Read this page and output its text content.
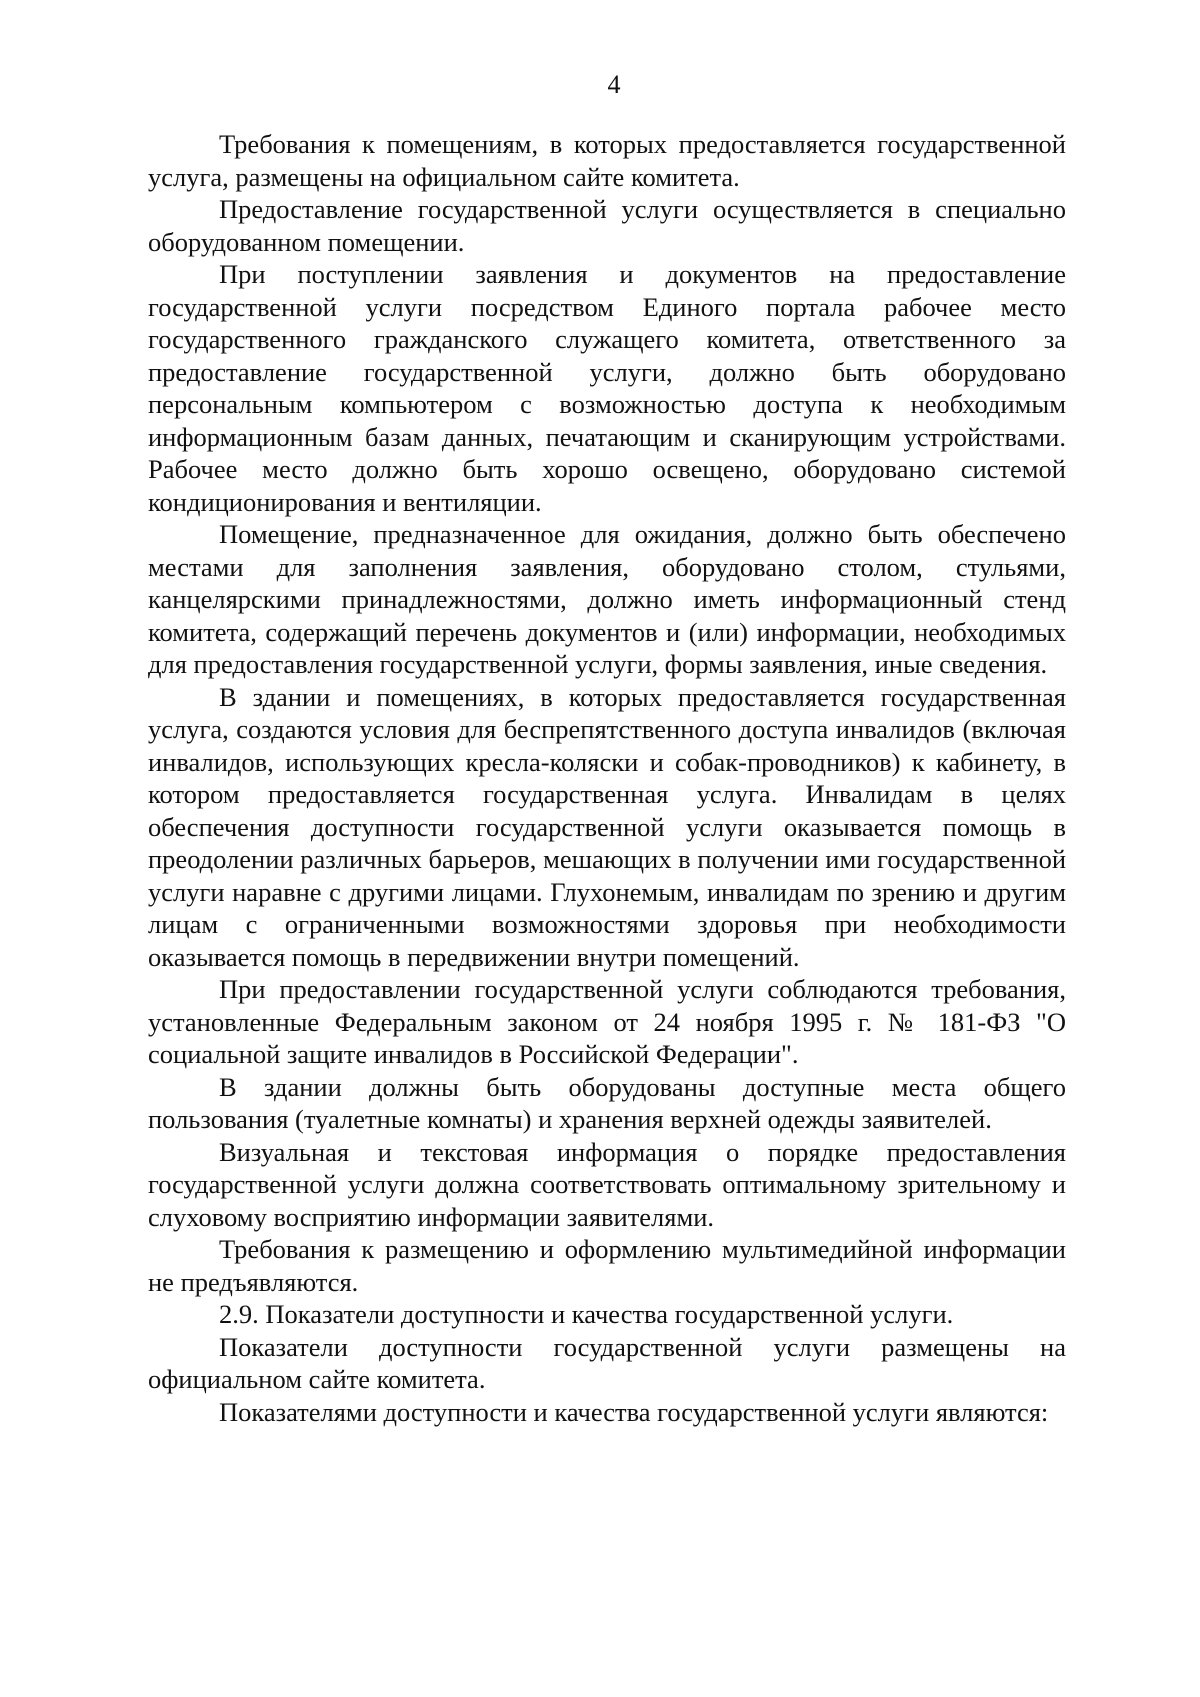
4

Требования к помещениям, в которых предоставляется государственной услуга, размещены на официальном сайте комитета.

Предоставление государственной услуги осуществляется в специально оборудованном помещении.

При поступлении заявления и документов на предоставление государственной услуги посредством Единого портала рабочее место государственного гражданского служащего комитета, ответственного за предоставление государственной услуги, должно быть оборудовано персональным компьютером с возможностью доступа к необходимым информационным базам данных, печатающим и сканирующим устройствами. Рабочее место должно быть хорошо освещено, оборудовано системой кондиционирования и вентиляции.

Помещение, предназначенное для ожидания, должно быть обеспечено местами для заполнения заявления, оборудовано столом, стульями, канцелярскими принадлежностями, должно иметь информационный стенд комитета, содержащий перечень документов и (или) информации, необходимых для предоставления государственной услуги, формы заявления, иные сведения.

В здании и помещениях, в которых предоставляется государственная услуга, создаются условия для беспрепятственного доступа инвалидов (включая инвалидов, использующих кресла-коляски и собак-проводников) к кабинету, в котором предоставляется государственная услуга. Инвалидам в целях обеспечения доступности государственной услуги оказывается помощь в преодолении различных барьеров, мешающих в получении ими государственной услуги наравне с другими лицами. Глухонемым, инвалидам по зрению и другим лицам с ограниченными возможностями здоровья при необходимости оказывается помощь в передвижении внутри помещений.

При предоставлении государственной услуги соблюдаются требования, установленные Федеральным законом от 24 ноября 1995 г. № 181-ФЗ "О социальной защите инвалидов в Российской Федерации".

В здании должны быть оборудованы доступные места общего пользования (туалетные комнаты) и хранения верхней одежды заявителей.

Визуальная и текстовая информация о порядке предоставления государственной услуги должна соответствовать оптимальному зрительному и слуховому восприятию информации заявителями.

Требования к размещению и оформлению мультимедийной информации не предъявляются.

2.9. Показатели доступности и качества государственной услуги.

Показатели доступности государственной услуги размещены на официальном сайте комитета.

Показателями доступности и качества государственной услуги являются:
